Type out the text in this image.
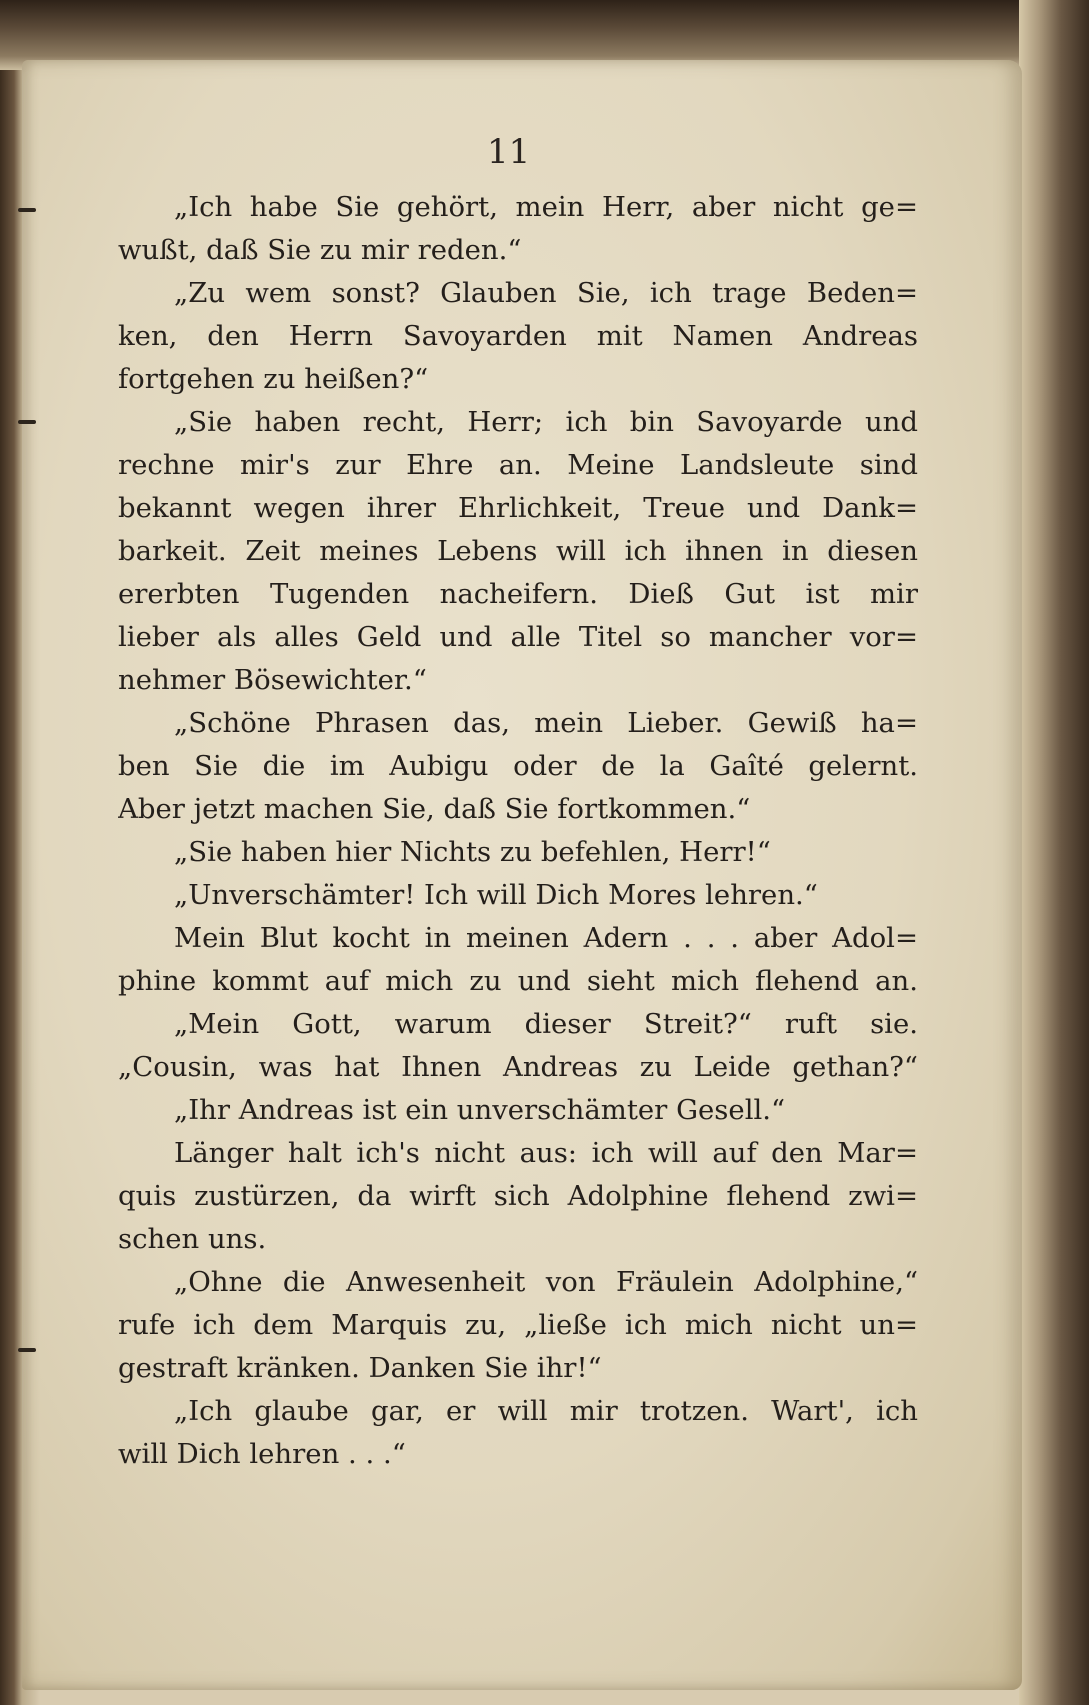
11
„Ich habe Sie gehört, mein Herr, aber nicht ge=
wußt, daß Sie zu mir reden.“
„Zu wem sonst? Glauben Sie, ich trage Beden=
ken, den Herrn Savoyarden mit Namen Andreas
fortgehen zu heißen?“
„Sie haben recht, Herr; ich bin Savoyarde und
rechne mir's zur Ehre an. Meine Landsleute sind
bekannt wegen ihrer Ehrlichkeit, Treue und Dank=
barkeit. Zeit meines Lebens will ich ihnen in diesen
ererbten Tugenden nacheifern. Dieß Gut ist mir
lieber als alles Geld und alle Titel so mancher vor=
nehmer Bösewichter.“
„Schöne Phrasen das, mein Lieber. Gewiß ha=
ben Sie die im Aubigu oder de la Gaîté gelernt.
Aber jetzt machen Sie, daß Sie fortkommen.“
„Sie haben hier Nichts zu befehlen, Herr!“
„Unverschämter! Ich will Dich Mores lehren.“
Mein Blut kocht in meinen Adern . . . aber Adol=
phine kommt auf mich zu und sieht mich flehend an.
„Mein Gott, warum dieser Streit?“ ruft sie.
„Cousin, was hat Ihnen Andreas zu Leide gethan?“
„Ihr Andreas ist ein unverschämter Gesell.“
Länger halt ich's nicht aus: ich will auf den Mar=
quis zustürzen, da wirft sich Adolphine flehend zwi=
schen uns.
„Ohne die Anwesenheit von Fräulein Adolphine,“
rufe ich dem Marquis zu, „ließe ich mich nicht un=
gestraft kränken. Danken Sie ihr!“
„Ich glaube gar, er will mir trotzen. Wart', ich
will Dich lehren . . .“
